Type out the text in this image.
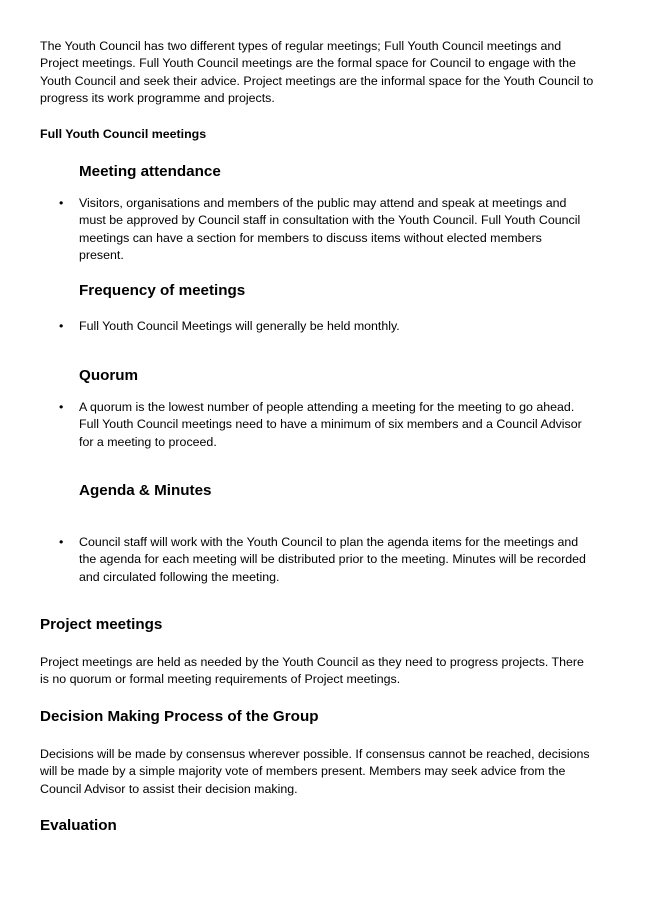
The Youth Council has two different types of regular meetings; Full Youth Council meetings and Project meetings. Full Youth Council meetings are the formal space for Council to engage with the Youth Council and seek their advice. Project meetings are the informal space for the Youth Council to progress its work programme and projects.

Full Youth Council meetings

Meeting attendance

• Visitors, organisations and members of the public may attend and speak at meetings and must be approved by Council staff in consultation with the Youth Council. Full Youth Council meetings can have a section for members to discuss items without elected members present.

Frequency of meetings

• Full Youth Council Meetings will generally be held monthly.

Quorum

• A quorum is the lowest number of people attending a meeting for the meeting to go ahead. Full Youth Council meetings need to have a minimum of six members and a Council Advisor for a meeting to proceed.

Agenda & Minutes

• Council staff will work with the Youth Council to plan the agenda items for the meetings and the agenda for each meeting will be distributed prior to the meeting. Minutes will be recorded and circulated following the meeting.

Project meetings

Project meetings are held as needed by the Youth Council as they need to progress projects. There is no quorum or formal meeting requirements of Project meetings.

Decision Making Process of the Group

Decisions will be made by consensus wherever possible. If consensus cannot be reached, decisions will be made by a simple majority vote of members present. Members may seek advice from the Council Advisor to assist their decision making.

Evaluation
